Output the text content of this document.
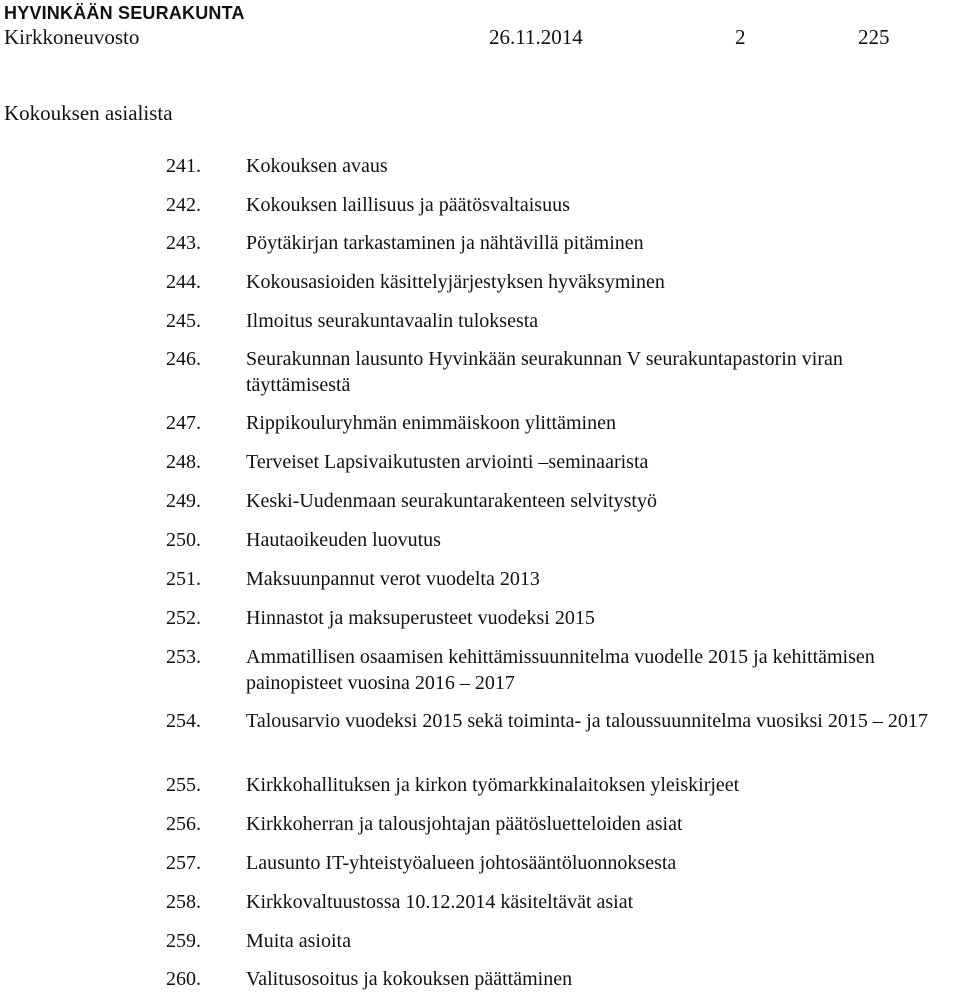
HYVINKÄÄN SEURAKUNTA
Kirkkoneuvosto	26.11.2014	2	225
Kokouksen asialista
241. Kokouksen avaus
242. Kokouksen laillisuus ja päätösvaltaisuus
243. Pöytäkirjan tarkastaminen ja nähtävillä pitäminen
244. Kokousasioiden käsittelyjärjestyksen hyväksyminen
245. Ilmoitus seurakuntavaalin tuloksesta
246. Seurakunnan lausunto Hyvinkään seurakunnan V seurakuntapastorin viran täyttämisestä
247. Rippikouluryhmän enimmäiskoon ylittäminen
248. Terveiset Lapsivaikutusten arviointi –seminaarista
249. Keski-Uudenmaan seurakuntarakenteen selvitystyö
250. Hautaoikeuden luovutus
251. Maksuunpannut verot vuodelta 2013
252. Hinnastot ja maksuperusteet vuodeksi 2015
253. Ammatillisen osaamisen kehittämissuunnitelma vuodelle 2015 ja kehittämisen painopisteet vuosina 2016 – 2017
254. Talousarvio vuodeksi 2015 sekä toiminta- ja taloussuunnitelma vuosiksi 2015 – 2017
255. Kirkkohallituksen ja kirkon työmarkkinalaitoksen yleiskirjeet
256. Kirkkoherran ja talousjohtajan päätösluetteloiden asiat
257. Lausunto IT-yhteistyöalueen johtosääntöluonnoksesta
258. Kirkkovaltuustossa 10.12.2014 käsiteltävät asiat
259. Muita asioita
260. Valitusosoitus ja kokouksen päättäminen
